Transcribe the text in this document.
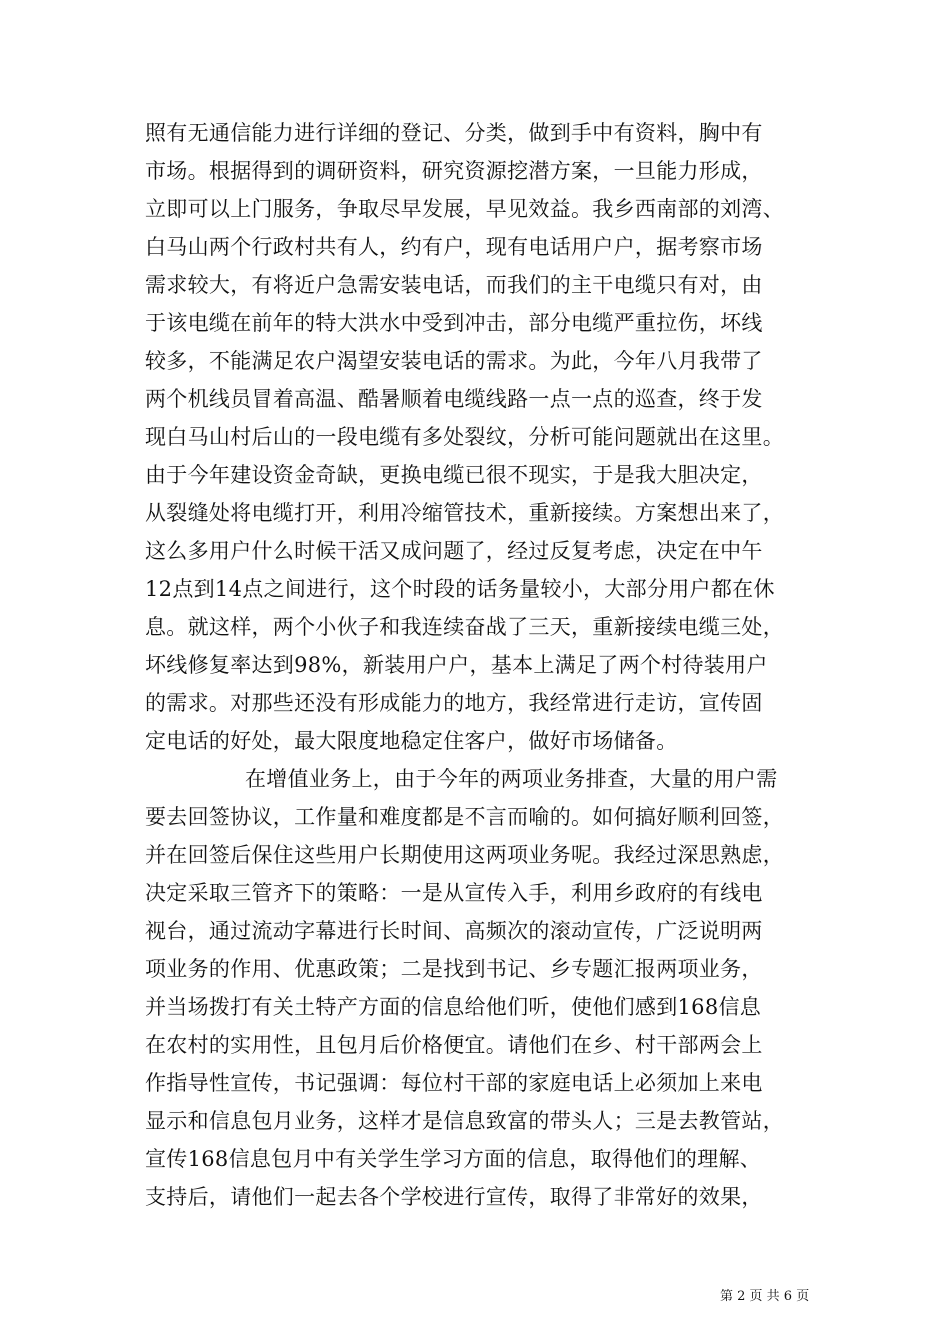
照有无通信能力进行详细的登记、分类，做到手中有资料，胸中有
市场。根据得到的调研资料，研究资源挖潜方案，一旦能力形成，
立即可以上门服务，争取尽早发展，早见效益。我乡西南部的刘湾、
白马山两个行政村共有人，约有户，现有电话用户户，据考察市场
需求较大，有将近户急需安装电话，而我们的主干电缆只有对，由
于该电缆在前年的特大洪水中受到冲击，部分电缆严重拉伤，坏线
较多，不能满足农户渴望安装电话的需求。为此，今年八月我带了
两个机线员冒着高温、酷暑顺着电缆线路一点一点的巡查，终于发
现白马山村后山的一段电缆有多处裂纹，分析可能问题就出在这里。
由于今年建设资金奇缺，更换电缆已很不现实，于是我大胆决定，
从裂缝处将电缆打开，利用冷缩管技术，重新接续。方案想出来了，
这么多用户什么时候干活又成问题了，经过反复考虑，决定在中午
12点到14点之间进行，这个时段的话务量较小，大部分用户都在休
息。就这样，两个小伙子和我连续奋战了三天，重新接续电缆三处，
坏线修复率达到98%，新装用户户，基本上满足了两个村待装用户
的需求。对那些还没有形成能力的地方，我经常进行走访，宣传固
定电话的好处，最大限度地稳定住客户，做好市场储备。
在增值业务上，由于今年的两项业务排查，大量的用户需
要去回签协议，工作量和难度都是不言而喻的。如何搞好顺利回签，
并在回签后保住这些用户长期使用这两项业务呢。我经过深思熟虑，
决定采取三管齐下的策略：一是从宣传入手，利用乡政府的有线电
视台，通过流动字幕进行长时间、高频次的滚动宣传，广泛说明两
项业务的作用、优惠政策；二是找到书记、乡专题汇报两项业务，
并当场拨打有关土特产方面的信息给他们听，使他们感到168信息
在农村的实用性，且包月后价格便宜。请他们在乡、村干部两会上
作指导性宣传，书记强调：每位村干部的家庭电话上必须加上来电
显示和信息包月业务，这样才是信息致富的带头人；三是去教管站，
宣传168信息包月中有关学生学习方面的信息，取得他们的理解、
支持后，请他们一起去各个学校进行宣传，取得了非常好的效果，
第 2 页 共 6 页
